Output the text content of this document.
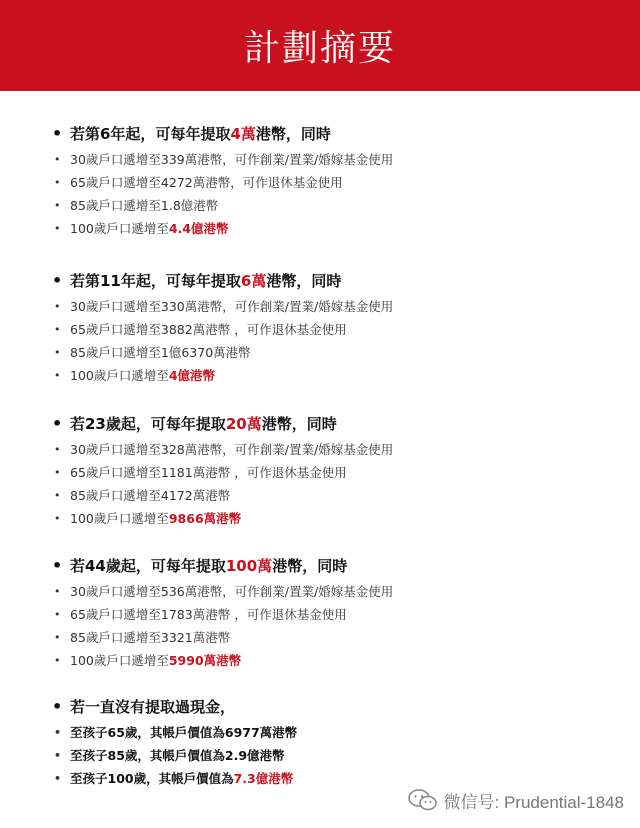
計劃摘要
• 若第6年起，可每年提取4萬港幣，同時
• 30歲戶口遞增至339萬港幣，可作創業/置業/婚嫁基金使用
• 65歲戶口遞增至4272萬港幣，可作退休基金使用
• 85歲戶口遞增至1.8億港幣
• 100歲戶口遞增至4.4億港幣
• 若第11年起，可每年提取6萬港幣，同時
• 30歲戶口遞增至330萬港幣，可作創業/置業/婚嫁基金使用
• 65歲戶口遞增至3882萬港幣 ，可作退休基金使用
• 85歲戶口遞增至1億6370萬港幣
• 100歲戶口遞增至4億港幣
• 若23歲起，可每年提取20萬港幣，同時
• 30歲戶口遞增至328萬港幣，可作創業/置業/婚嫁基金使用
• 65歲戶口遞增至1181萬港幣 ，可作退休基金使用
• 85歲戶口遞增至4172萬港幣
• 100歲戶口遞增至9866萬港幣
• 若44歲起，可每年提取100萬港幣，同時
• 30歲戶口遞增至536萬港幣，可作創業/置業/婚嫁基金使用
• 65歲戶口遞增至1783萬港幣 ，可作退休基金使用
• 85歲戶口遞增至3321萬港幣
• 100歲戶口遞增至5990萬港幣
• 若一直沒有提取過現金，
• 至孩子65歲，其帳戶價值為6977萬港幣
• 至孩子85歲，其帳戶價值為2.9億港幣
• 至孩子100歲，其帳戶價值為7.3億港幣
微信号: Prudential-1848
